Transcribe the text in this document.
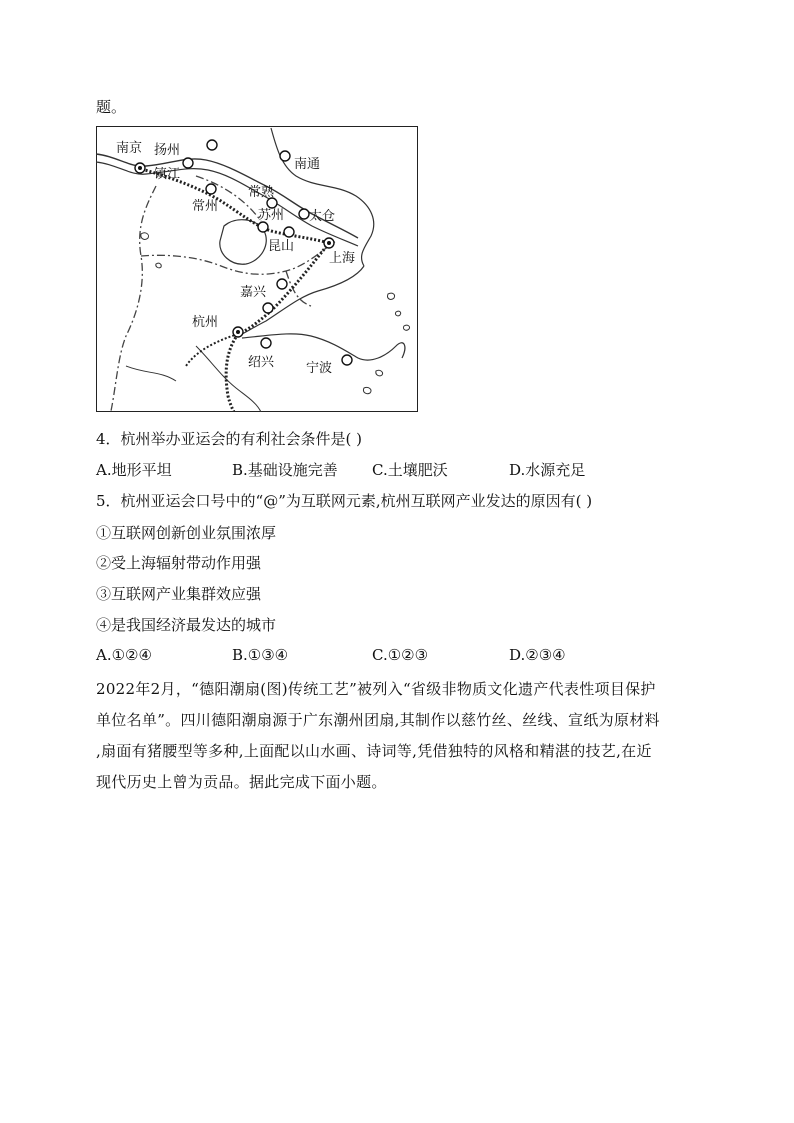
题。
南京 扬州
镇江
常州
南通
常熟
苏州 太仓
昆山
上海
嘉兴
杭州
绍兴 宁波
4．杭州举办亚运会的有利社会条件是( )
A.地形平坦	B.基础设施完善 C.土壤肥沃	D.水源充足
5．杭州亚运会口号中的“@”为互联网元素,杭州互联网产业发达的原因有( )
①互联网创新创业氛围浓厚
②受上海辐射带动作用强
③互联网产业集群效应强
④是我国经济最发达的城市
A.①②④	B.①③④	C.①②③	D.②③④
2022年2月，“德阳潮扇(图)传统工艺”被列入“省级非物质文化遗产代表性项目保护
单位名单”。四川德阳潮扇源于广东潮州团扇,其制作以慈竹丝、丝线、宣纸为原材料
,扇面有猪腰型等多种,上面配以山水画、诗词等,凭借独特的风格和精湛的技艺,在近
现代历史上曾为贡品。据此完成下面小题。
